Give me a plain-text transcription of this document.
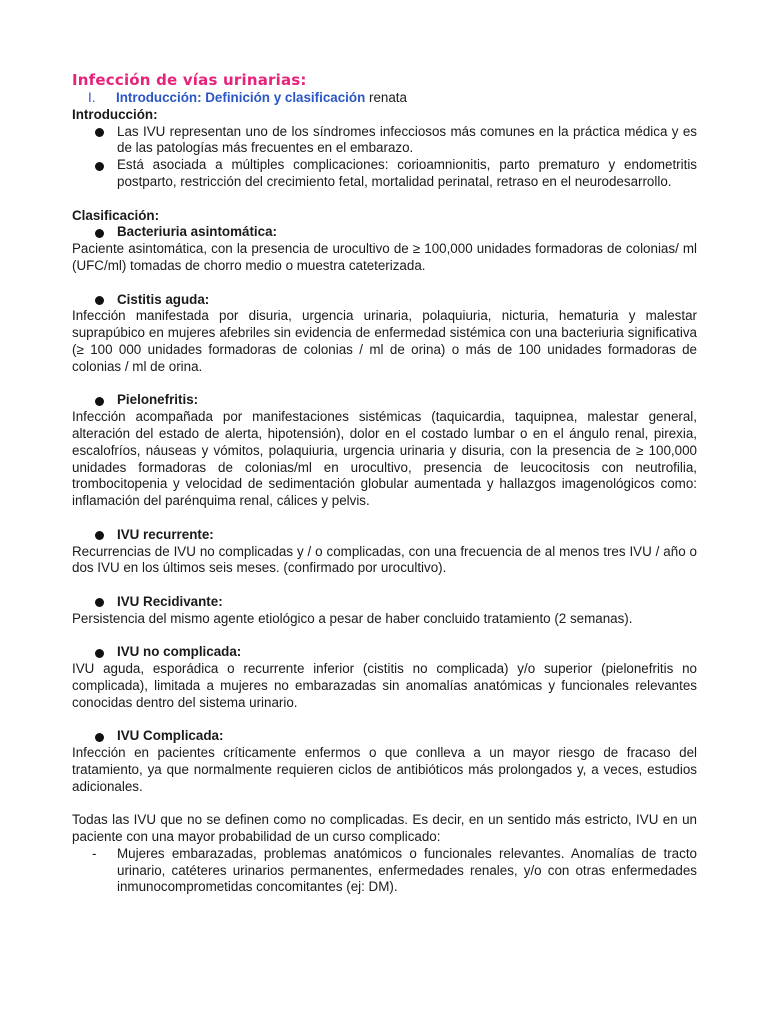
Infección de vías urinarias:
I.	Introducción: Definición y clasificación renata

Introducción:

Las IVU representan uno de los síndromes infecciosos más comunes en la práctica médica y es de las patologías más frecuentes en el embarazo.
Está asociada a múltiples complicaciones: corioamnionitis, parto prematuro y endometritis postparto, restricción del crecimiento fetal, mortalidad perinatal, retraso en el neurodesarrollo.

Clasificación:

Bacteriuria asintomática:

Paciente asintomática, con la presencia de urocultivo de ≥ 100,000 unidades formadoras de colonias/ ml (UFC/ml) tomadas de chorro medio o muestra cateterizada.

Cistitis aguda:

Infección manifestada por disuria, urgencia urinaria, polaquiuria, nicturia, hematuria y malestar suprapúbico en mujeres afebriles sin evidencia de enfermedad sistémica con una bacteriuria significativa (≥ 100 000 unidades formadoras de colonias / ml de orina) o más de 100 unidades formadoras de colonias / ml de orina.

Pielonefritis:

Infección acompañada por manifestaciones sistémicas (taquicardia, taquipnea, malestar general, alteración del estado de alerta, hipotensión), dolor en el costado lumbar o en el ángulo renal, pirexia, escalofríos, náuseas y vómitos, polaquiuria, urgencia urinaria y disuria, con la presencia de ≥ 100,000 unidades formadoras de colonias/ml en urocultivo, presencia de leucocitosis con neutrofilia, trombocitopenia y velocidad de sedimentación globular aumentada y hallazgos imagenológicos como: inflamación del parénquima renal, cálices y pelvis.

IVU recurrente:

Recurrencias de IVU no complicadas y / o complicadas, con una frecuencia de al menos tres IVU / año o dos IVU en los últimos seis meses. (confirmado por urocultivo).

IVU Recidivante:

Persistencia del mismo agente etiológico a pesar de haber concluido tratamiento (2 semanas).

IVU no complicada:

IVU aguda, esporádica o recurrente inferior (cistitis no complicada) y/o superior (pielonefritis no complicada), limitada a mujeres no embarazadas sin anomalías anatómicas y funcionales relevantes conocidas dentro del sistema urinario.

IVU Complicada:

Infección en pacientes críticamente enfermos o que conlleva a un mayor riesgo de fracaso del tratamiento, ya que normalmente requieren ciclos de antibióticos más prolongados y, a veces, estudios adicionales.

Todas las IVU que no se definen como no complicadas. Es decir, en un sentido más estricto, IVU en un paciente con una mayor probabilidad de un curso complicado:

- Mujeres embarazadas, problemas anatómicos o funcionales relevantes. Anomalías de tracto urinario, catéteres urinarios permanentes, enfermedades renales, y/o con otras enfermedades inmunocomprometidas concomitantes (ej: DM).
